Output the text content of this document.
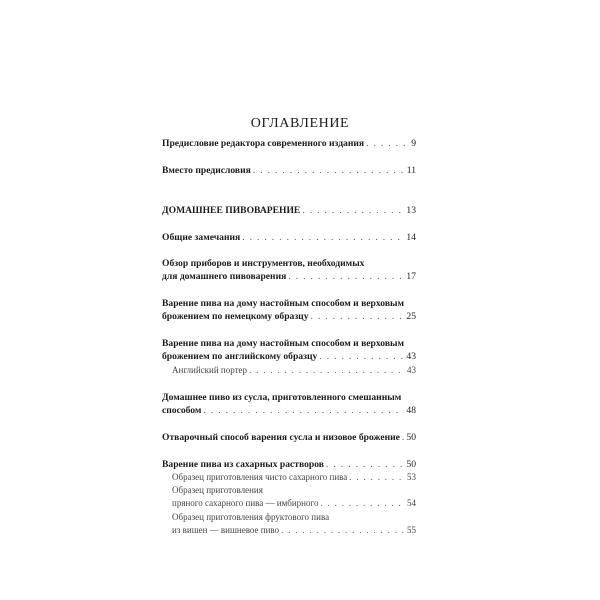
ОГЛАВЛЕНИЕ
Предисловие редактора современного издания . . .	9
Вместо предисловия . . .	11
ДОМАШНЕЕ ПИВОВАРЕНИЕ . . .	13
Общие замечания . . .	14
Обзор приборов и инструментов, необходимых
для домашнего пивоварения . . .	17
Варение пива на дому настойным способом и верховым
брожением по немецкому образцу . . .	25
Варение пива на дому настойным способом и верховым
брожением по английскому образцу . . .	43
Английский портер . . .	43
Домашнее пиво из сусла, приготовленного смешанным
способом . . .	48
Отварочный способ варения сусла и низовое брожение . . . 50
Варение пива из сахарных растворов . . .	50
Образец приготовления чисто сахарного пива . . .	53
Образец приготовления
пряного сахарного пива — имбирного . . .	54
Образец приготовления фруктового пива
из вишен — вишневое пиво . . .	55
